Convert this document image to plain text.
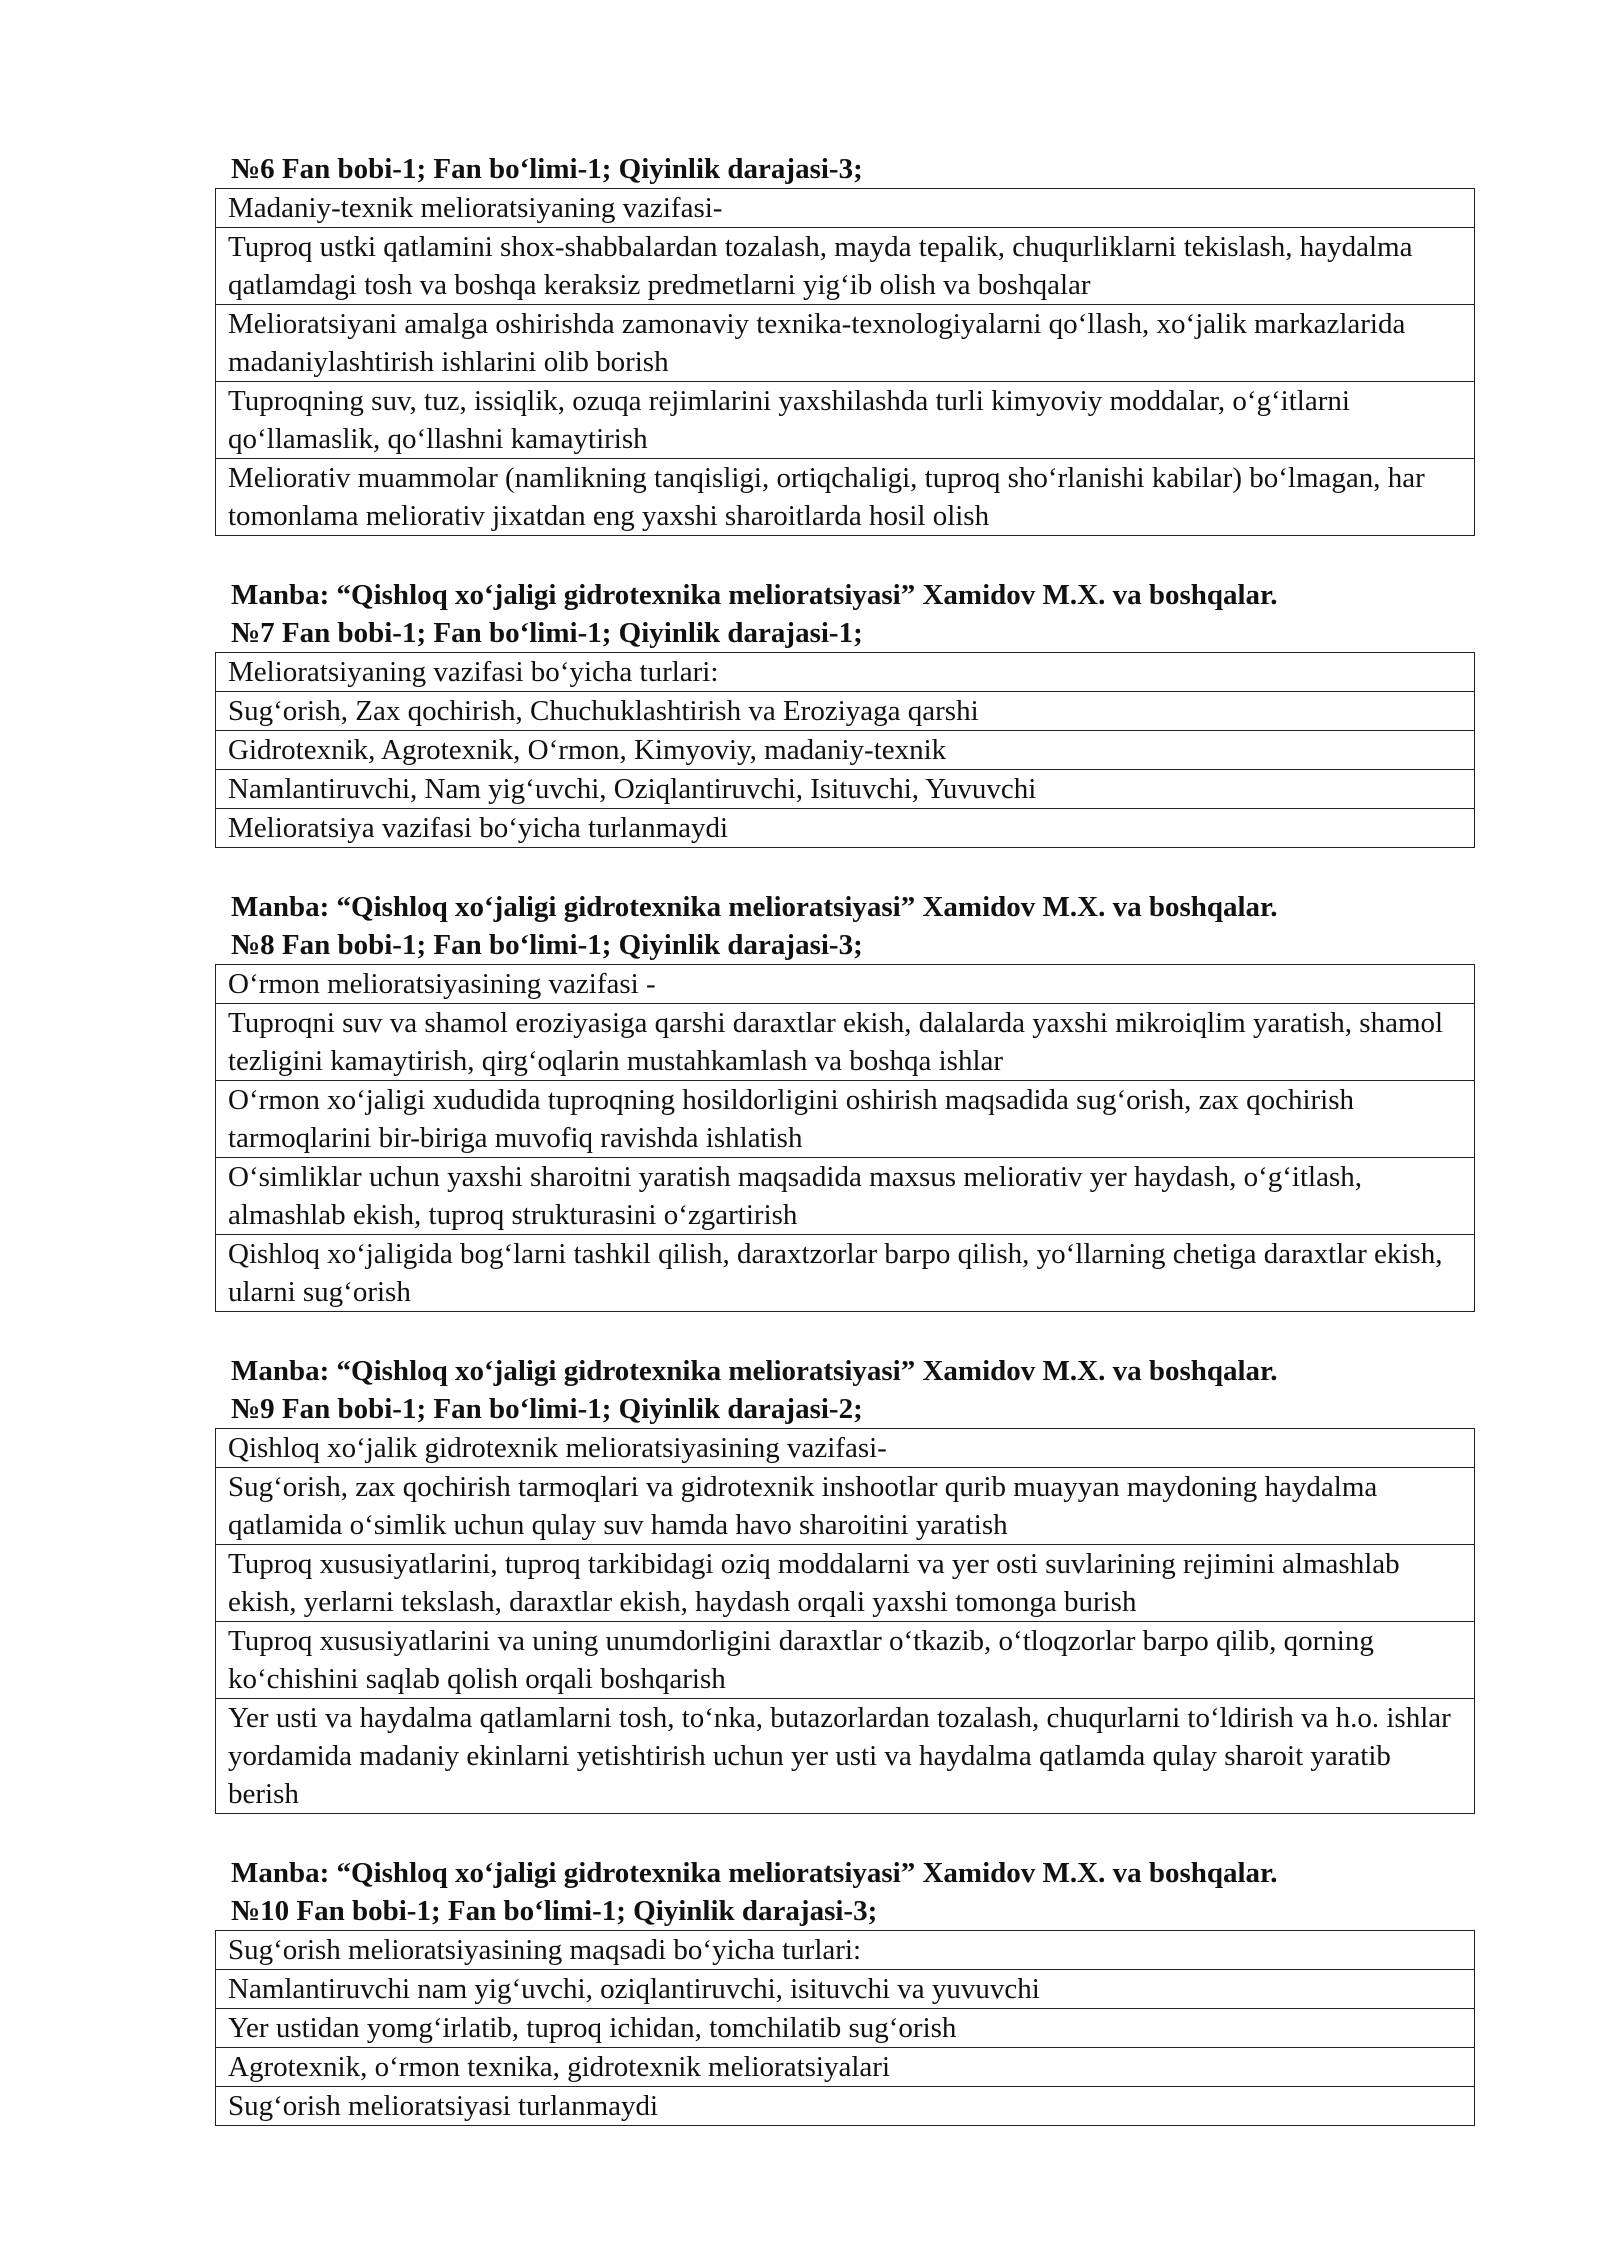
№6 Fan bobi-1; Fan bo‘limi-1; Qiyinlik darajasi-3;

Madaniy-texnik melioratsiyaning vazifasi-
Tuproq ustki qatlamini shox-shabbalardan tozalash, mayda tepalik, chuqurliklarni tekislash, haydalma qatlamdagi tosh va boshqa keraksiz predmetlarni yig‘ib olish va boshqalar
Melioratsiyani amalga oshirishda zamonaviy texnika-texnologiyalarni qo‘llash, xo‘jalik markazlarida madaniylashtirish ishlarini olib borish
Tuproqning suv, tuz, issiqlik, ozuqa rejimlarini yaxshilashda turli kimyoviy moddalar, o‘g‘itlarni qo‘llamaslik, qo‘llashni kamaytirish
Meliorativ muammolar (namlikning tanqisligi, ortiqchaligi, tuproq sho‘rlanishi kabilar) bo‘lmagan, har tomonlama meliorativ jixatdan eng yaxshi sharoitlarda hosil olish

Manba: “Qishloq xo‘jaligi gidrotexnika melioratsiyasi” Xamidov M.X. va boshqalar.

№7 Fan bobi-1; Fan bo‘limi-1; Qiyinlik darajasi-1;

Melioratsiyaning vazifasi bo‘yicha turlari:
Sug‘orish, Zax qochirish, Chuchuklashtirish va Eroziyaga qarshi
Gidrotexnik, Agrotexnik, O‘rmon, Kimyoviy, madaniy-texnik
Namlantiruvchi, Nam yig‘uvchi, Oziqlantiruvchi, Isituvchi, Yuvuvchi
Melioratsiya vazifasi bo‘yicha turlanmaydi

Manba: “Qishloq xo‘jaligi gidrotexnika melioratsiyasi” Xamidov M.X. va boshqalar.

№8 Fan bobi-1; Fan bo‘limi-1; Qiyinlik darajasi-3;

O‘rmon melioratsiyasining vazifasi -
Tuproqni suv va shamol eroziyasiga qarshi daraxtlar ekish, dalalarda yaxshi mikroiqlim yaratish, shamol tezligini kamaytirish, qirg‘oqlarin mustahkamlash va boshqa ishlar
O‘rmon xo‘jaligi xududida tuproqning hosildorligini oshirish maqsadida sug‘orish, zax qochirish tarmoqlarini bir-biriga muvofiq ravishda ishlatish
O‘simliklar uchun yaxshi sharoitni yaratish maqsadida maxsus meliorativ yer haydash, o‘g‘itlash, almashlab ekish, tuproq strukturasini o‘zgartirish
Qishloq xo‘jaligida bog‘larni tashkil qilish, daraxtzorlar barpo qilish, yo‘llarning chetiga daraxtlar ekish, ularni sug‘orish

Manba: “Qishloq xo‘jaligi gidrotexnika melioratsiyasi” Xamidov M.X. va boshqalar.

№9 Fan bobi-1; Fan bo‘limi-1; Qiyinlik darajasi-2;

Qishloq xo‘jalik gidrotexnik melioratsiyasining vazifasi-
Sug‘orish, zax qochirish tarmoqlari va gidrotexnik inshootlar qurib muayyan maydoning haydalma qatlamida o‘simlik uchun qulay suv hamda havo sharoitini yaratish
Tuproq xususiyatlarini, tuproq tarkibidagi oziq moddalarni va yer osti suvlarining rejimini almashlab ekish, yerlarni tekslash, daraxtlar ekish, haydash orqali yaxshi tomonga burish
Tuproq xususiyatlarini va uning unumdorligini daraxtlar o‘tkazib, o‘tloqzorlar barpo qilib, qorning ko‘chishini saqlab qolish orqali boshqarish
Yer usti va haydalma qatlamlarni tosh, to‘nka, butazorlardan tozalash, chuqurlarni to‘ldirish va h.o. ishlar yordamida madaniy ekinlarni yetishtirish uchun yer usti va haydalma qatlamda qulay sharoit yaratib berish

Manba: “Qishloq xo‘jaligi gidrotexnika melioratsiyasi” Xamidov M.X. va boshqalar.

№10 Fan bobi-1; Fan bo‘limi-1; Qiyinlik darajasi-3;

Sug‘orish melioratsiyasining maqsadi bo‘yicha turlari:
Namlantiruvchi nam yig‘uvchi, oziqlantiruvchi, isituvchi va yuvuvchi
Yer ustidan yomg‘irlatib, tuproq ichidan, tomchilatib sug‘orish
Agrotexnik, o‘rmon texnika, gidrotexnik melioratsiyalari
Sug‘orish melioratsiyasi turlanmaydi
